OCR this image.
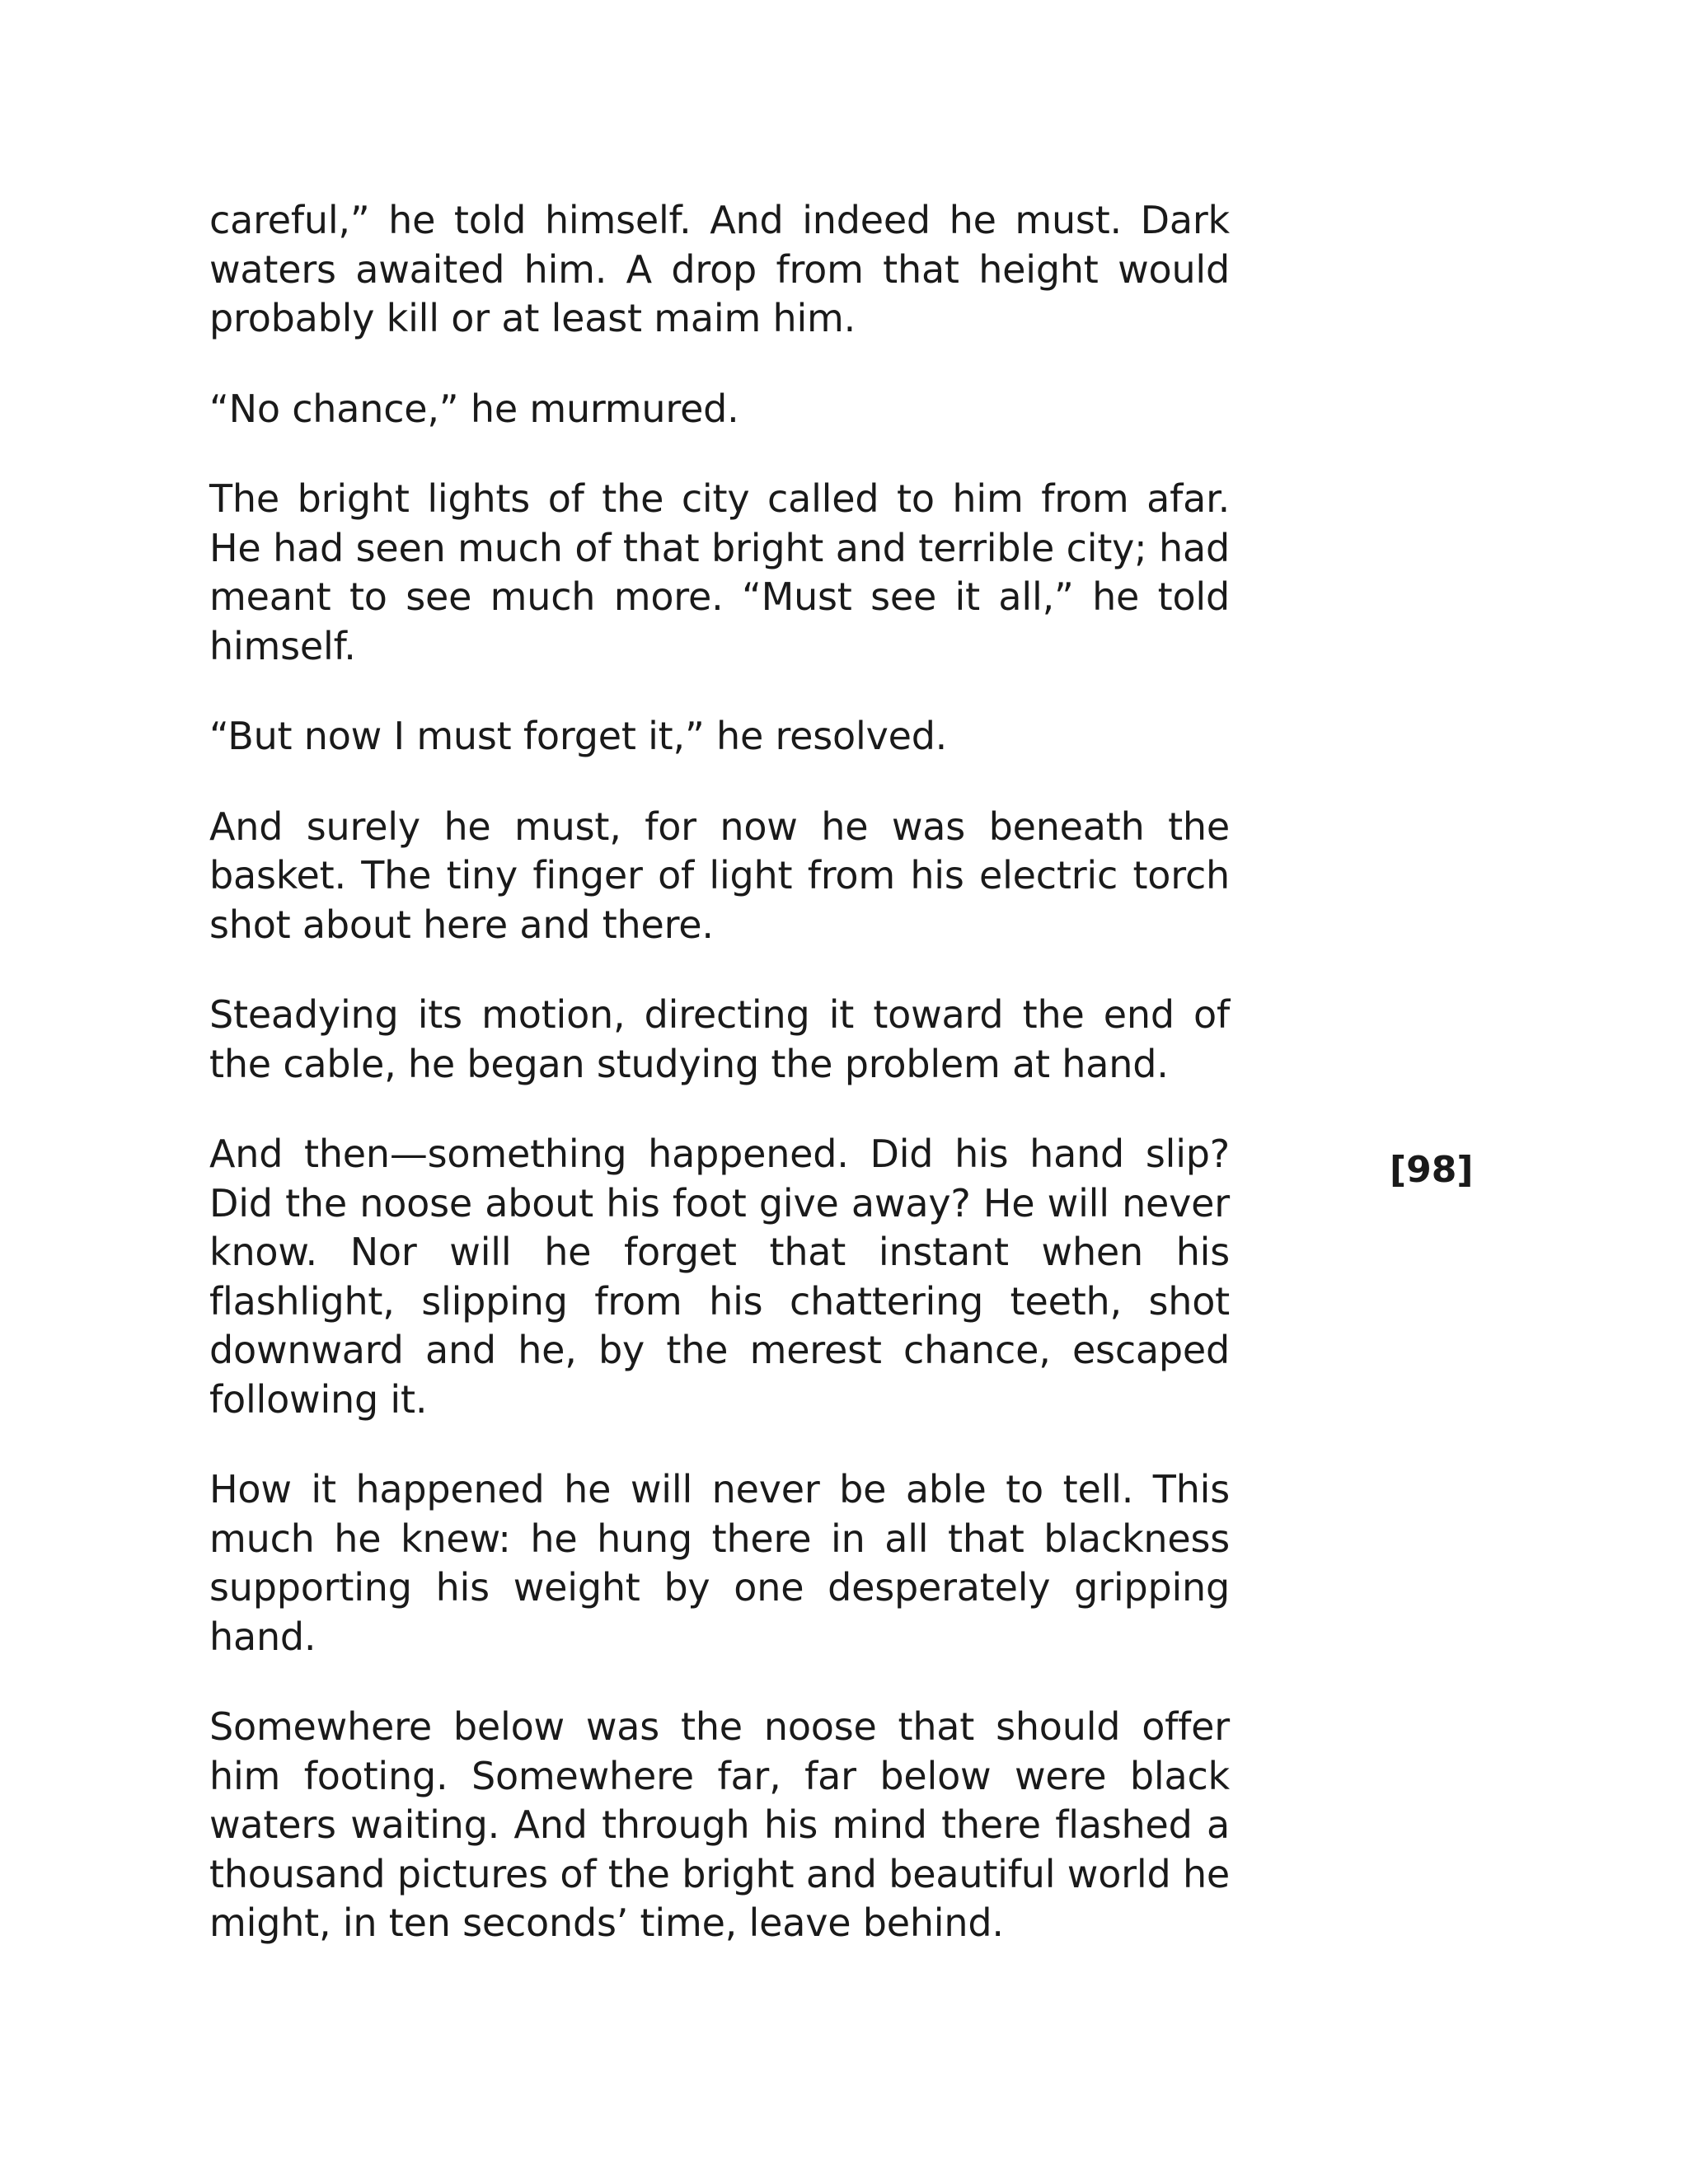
careful,” he told himself. And indeed he must. Dark waters awaited him. A drop from that height would probably kill or at least maim him.

“No chance,” he murmured.

The bright lights of the city called to him from afar. He had seen much of that bright and terrible city; had meant to see much more. “Must see it all,” he told himself.

“But now I must forget it,” he resolved.

And surely he must, for now he was beneath the basket. The tiny finger of light from his electric torch shot about here and there.

Steadying its motion, directing it toward the end of the cable, he began studying the problem at hand.

And then—something happened. Did his hand slip? Did the noose about his foot give away? He will never know. Nor will he forget that instant when his flashlight, slipping from his chattering teeth, shot downward and he, by the merest chance, escaped following it.

How it happened he will never be able to tell. This much he knew: he hung there in all that blackness supporting his weight by one desperately gripping hand.

Somewhere below was the noose that should offer him footing. Somewhere far, far below were black waters waiting. And through his mind there flashed a thousand pictures of the bright and beautiful world he might, in ten seconds’ time, leave behind.

[98]
